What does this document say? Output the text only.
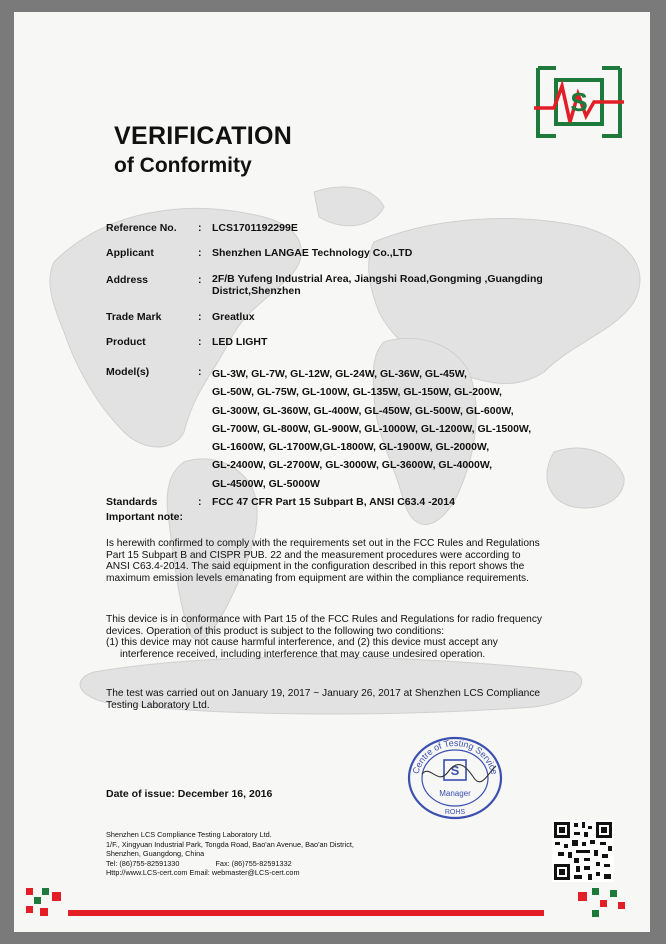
S
VERIFICATION
of Conformity
Reference No.	: LCS1701192299E
Applicant	: Shenzhen LANGAE Technology Co.,LTD
Address	: 2F/B Yufeng Industrial Area, Jiangshi Road,Gongming ,Guangding District,Shenzhen
Trade Mark	: Greatlux
Product	: LED LIGHT
Model(s)	: GL-3W, GL-7W, GL-12W, GL-24W, GL-36W, GL-45W,
GL-50W, GL-75W, GL-100W, GL-135W, GL-150W, GL-200W,
GL-300W, GL-360W, GL-400W, GL-450W, GL-500W, GL-600W,
GL-700W, GL-800W, GL-900W, GL-1000W, GL-1200W, GL-1500W,
GL-1600W, GL-1700W,GL-1800W, GL-1900W, GL-2000W,
GL-2400W, GL-2700W, GL-3000W, GL-3600W, GL-4000W,
GL-4500W, GL-5000W
Standards	: FCC 47 CFR Part 15 Subpart B, ANSI C63.4 -2014
Important note:

Is herewith confirmed to comply with the requirements set out in the FCC Rules and Regulations Part 15 Subpart B and CISPR PUB. 22 and the measurement procedures were according to ANSI C63.4-2014. The said equipment in the configuration described in this report shows the maximum emission levels emanating from equipment are within the compliance requirements.

This device is in conformance with Part 15 of the FCC Rules and Regulations for radio frequency devices. Operation of this product is subject to the following two conditions:

(1) this device may not cause harmful interference, and (2) this device must accept any interference received, including interference that may cause undesired operation.

The test was carried out on January 19, 2017 ~ January 26, 2017 at Shenzhen LCS Compliance Testing Laboratory Ltd.

Date of issue: December 16, 2016
Centre of Testing Service
S
Manager
ROHS
Shenzhen LCS Compliance Testing Laboratory Ltd.
1/F., Xingyuan Industrial Park, Tongda Road, Bao'an Avenue, Bao'an District,
Shenzhen, Guangdong, China
Tel: (86)755-82591330	Fax: (86)755-82591332
Http://www.LCS-cert.com Email: webmaster@LCS-cert.com
